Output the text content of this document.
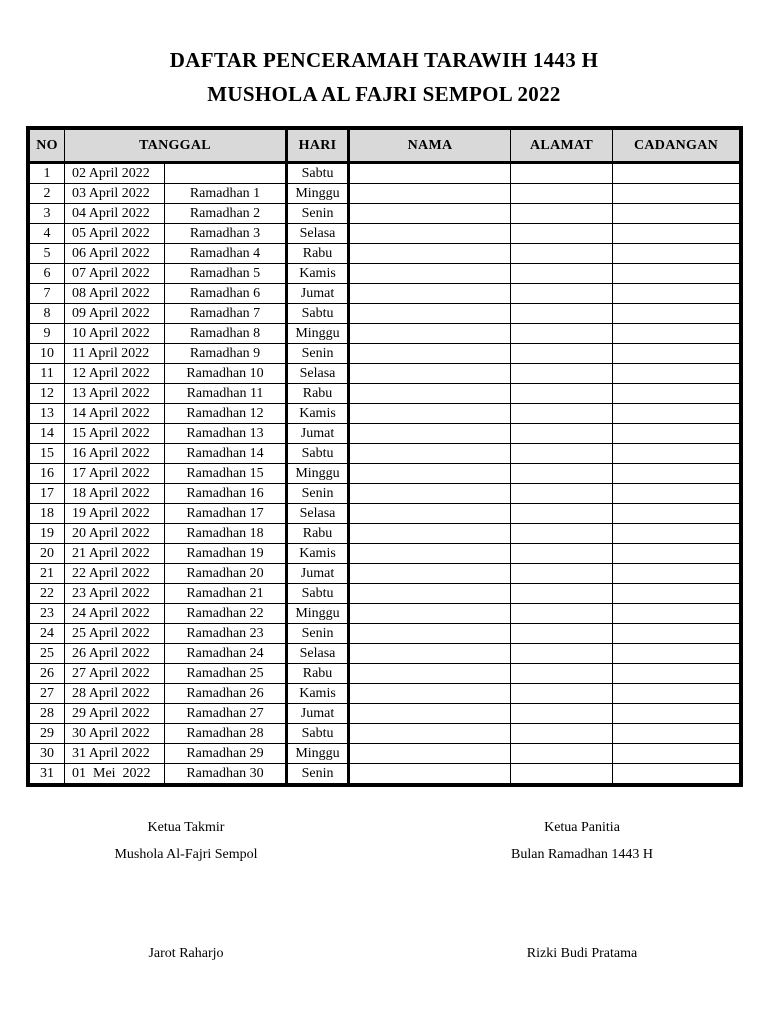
DAFTAR PENCERAMAH TARAWIH 1443 H
MUSHOLA AL FAJRI SEMPOL 2022
NO	TANGGAL		HARI	NAMA	ALAMAT	CADANGAN
1	02 April 2022		Sabtu			
2	03 April 2022	Ramadhan 1	Minggu			
3	04 April 2022	Ramadhan 2	Senin			
4	05 April 2022	Ramadhan 3	Selasa			
5	06 April 2022	Ramadhan 4	Rabu			
6	07 April 2022	Ramadhan 5	Kamis			
7	08 April 2022	Ramadhan 6	Jumat			
8	09 April 2022	Ramadhan 7	Sabtu			
9	10 April 2022	Ramadhan 8	Minggu			
10	11 April 2022	Ramadhan 9	Senin			
11	12 April 2022	Ramadhan 10	Selasa			
12	13 April 2022	Ramadhan 11	Rabu			
13	14 April 2022	Ramadhan 12	Kamis			
14	15 April 2022	Ramadhan 13	Jumat			
15	16 April 2022	Ramadhan 14	Sabtu			
16	17 April 2022	Ramadhan 15	Minggu			
17	18 April 2022	Ramadhan 16	Senin			
18	19 April 2022	Ramadhan 17	Selasa			
19	20 April 2022	Ramadhan 18	Rabu			
20	21 April 2022	Ramadhan 19	Kamis			
21	22 April 2022	Ramadhan 20	Jumat			
22	23 April 2022	Ramadhan 21	Sabtu			
23	24 April 2022	Ramadhan 22	Minggu			
24	25 April 2022	Ramadhan 23	Senin			
25	26 April 2022	Ramadhan 24	Selasa			
26	27 April 2022	Ramadhan 25	Rabu			
27	28 April 2022	Ramadhan 26	Kamis			
28	29 April 2022	Ramadhan 27	Jumat			
29	30 April 2022	Ramadhan 28	Sabtu			
30	31 April 2022	Ramadhan 29	Minggu			
31	01  Mei  2022	Ramadhan 30	Senin			
Ketua Takmir
Mushola Al-Fajri Sempol
Jarot Raharjo
Ketua Panitia
Bulan Ramadhan 1443 H
Rizki Budi Pratama
